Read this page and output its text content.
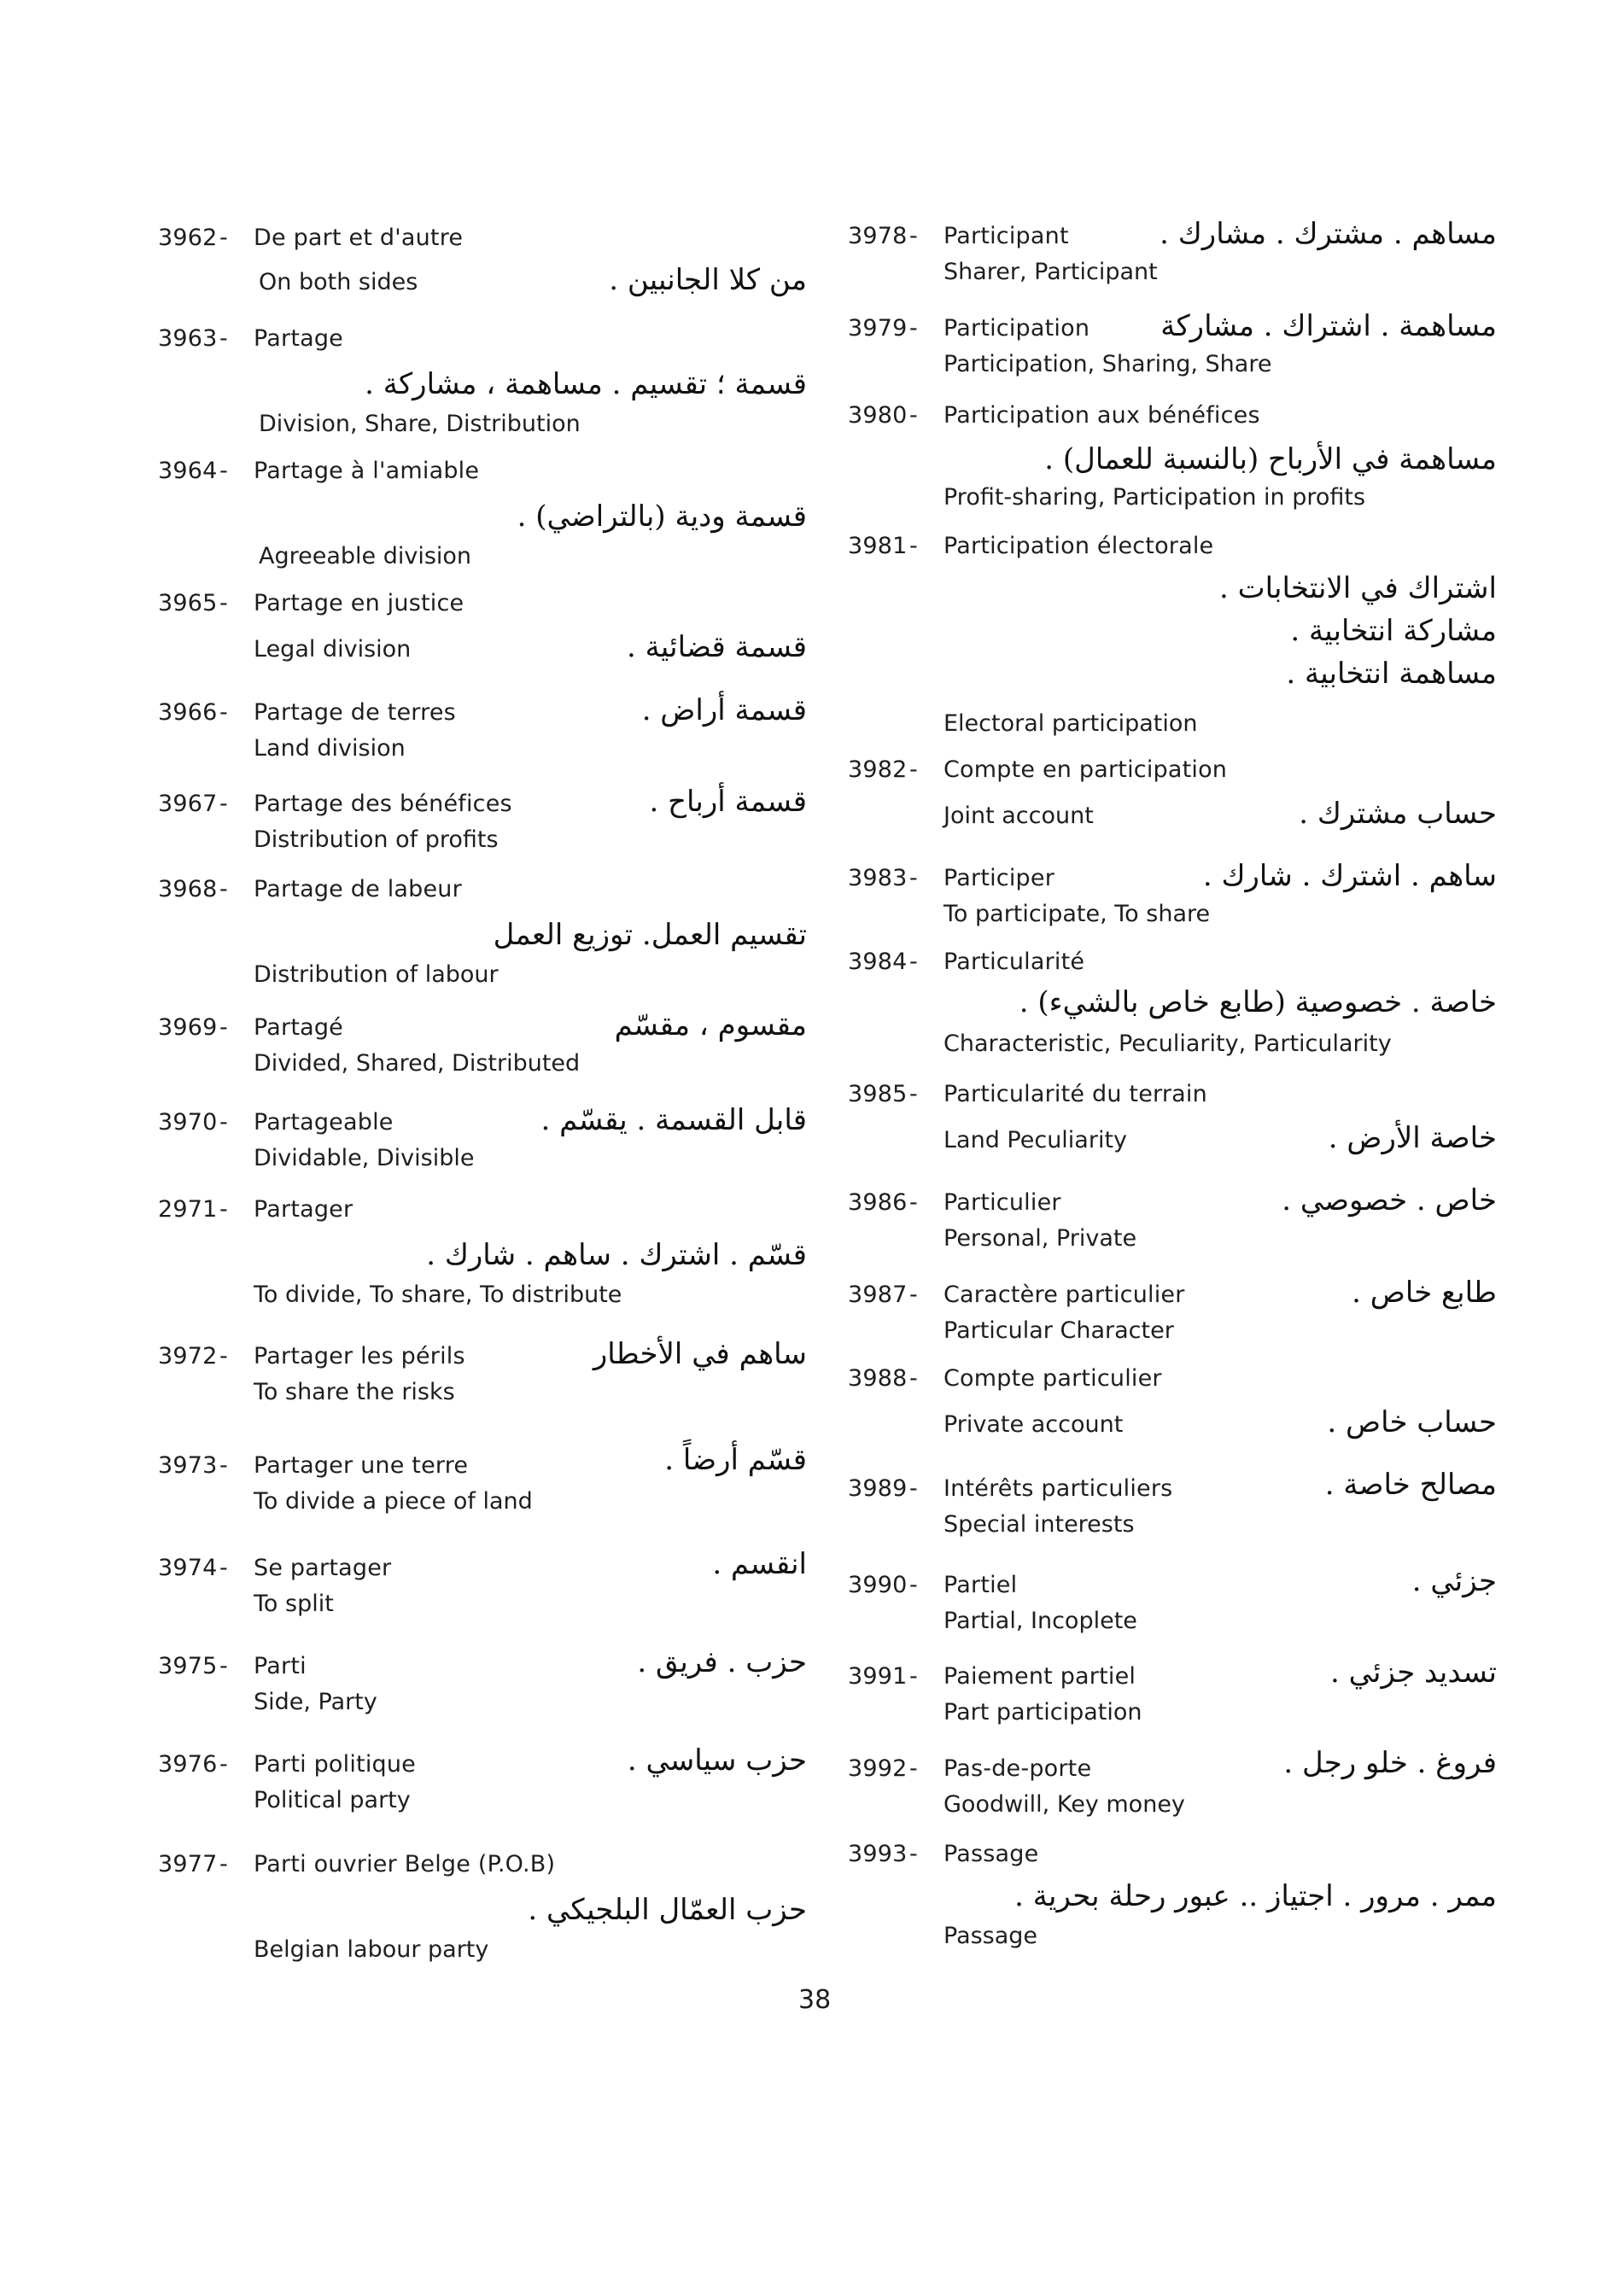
3962 - De part et d'autre
On both sides	من كلا الجانبين .
3963 - Partage
قسمة ؛ تقسيم . مساهمة ، مشاركة .
Division, Share, Distribution
3964 - Partage à l'amiable
قسمة ودية (بالتراضي) .
Agreeable division
3965 - Partage en justice
Legal division	قسمة قضائية .
3966 - Partage de terres	قسمة أراض .
Land division
3967 - Partage des bénéfices	قسمة أرباح .
Distribution of profits
3968 - Partage de labeur
تقسيم العمل. توزيع العمل
Distribution of labour
3969 - Partagé	مقسوم ، مقسّم
Divided, Shared, Distributed
3970 - Partageable	قابل القسمة . يقسّم .
Dividable, Divisible
2971 - Partager
قسّم . اشترك . ساهم . شارك .
To divide, To share, To distribute
3972 - Partager les périls	ساهم في الأخطار
To share the risks
3973 - Partager une terre	قسّم أرضاً .
To divide a piece of land
3974 - Se partager	انقسم .
To split
3975 - Parti	حزب . فريق .
Side, Party
3976 - Parti politique	حزب سياسي .
Political party
3977 - Parti ouvrier Belge (P.O.B)
حزب العمّال البلجيكي .
Belgian labour party
3978 - Participant	مساهم . مشترك . مشارك .
Sharer, Participant
3979 - Participation مساهمة . اشتراك . مشاركة
Participation, Sharing, Share
3980 - Participation aux bénéfices
مساهمة في الأرباح (بالنسبة للعمال) .
Profit-sharing, Participation in profits
3981 - Participation électorale
اشتراك في الانتخابات .
مشاركة انتخابية .
مساهمة انتخابية .
Electoral participation
3982 - Compte en participation
حساب مشترك .
Joint account
3983 - Participer	ساهم . اشترك . شارك .
To participate, To share
3984 - Particularité
خاصة . خصوصية (طابع خاص بالشيء) .
Characteristic, Peculiarity, Particularity
3985 - Particularité du terrain
خاصة الأرض .
Land Peculiarity
3986 - Particulier	خاص . خصوصي .
Personal, Private
3987 - Caractère particulier	طابع خاص .
Particular Character
3988 - Compte particulier
حساب خاص .
Private account
3989 - Intérêts particuliers	مصالح خاصة .
Special interests
3990 - Partiel	جزئي .
Partial, Incoplete
3991 - Paiement partiel	تسديد جزئي .
Part participation
3992 - Pas-de-porte	فروغ . خلو رجل .
Goodwill, Key money
3993 - Passage
ممر . مرور . اجتياز .. عبور رحلة بحرية .
Passage
38
